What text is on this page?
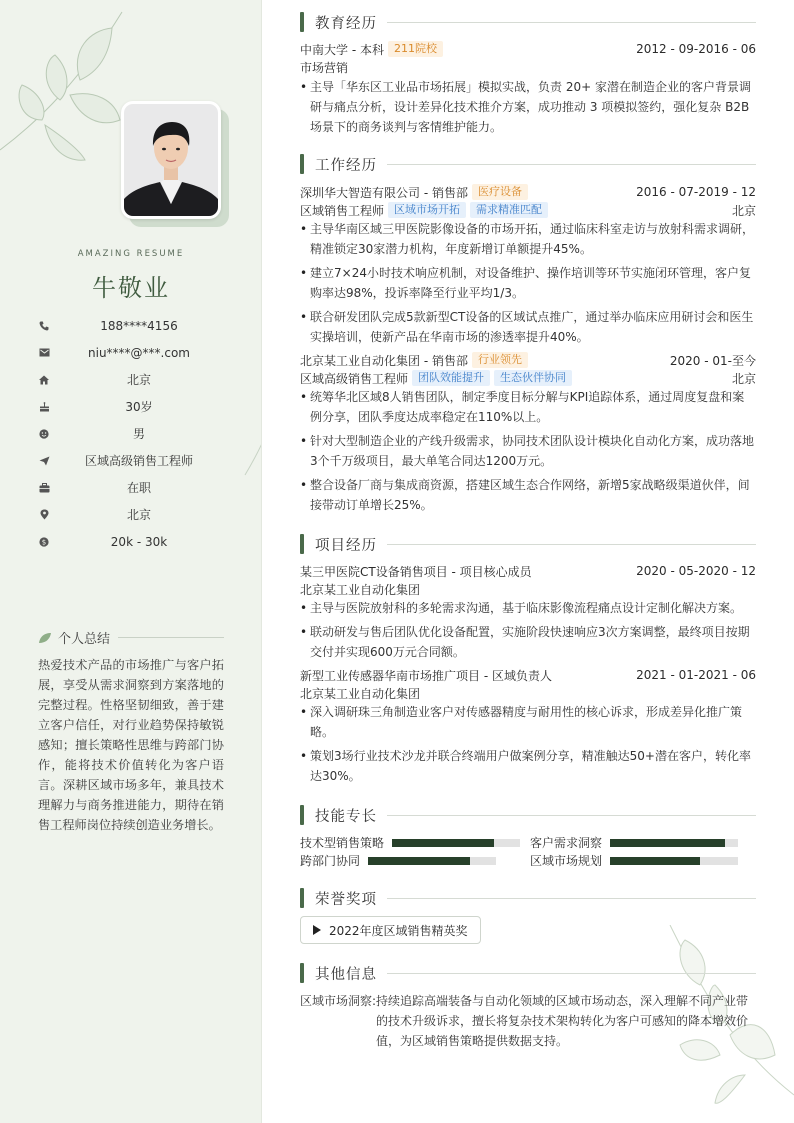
AMAZING RESUME
牛敬业
188****4156
niu****@***.com
北京
30岁
男
区域高级销售工程师
在职
北京
$	20k - 30k
个人总结
热爱技术产品的市场推广与客户拓展，享受从需求洞察到方案落地的完整过程。性格坚韧细致，善于建立客户信任，对行业趋势保持敏锐感知；擅长策略性思维与跨部门协作，能将技术价值转化为客户语言。深耕区域市场多年，兼具技术理解力与商务推进能力，期待在销售工程师岗位持续创造业务增长。
教育经历
中南大学 - 本科 211院校	2012 - 09-2016 - 06
市场营销
• 主导「华东区工业品市场拓展」模拟实战，负责 20+ 家潜在制造企业的客户背景调研与痛点分析，设计差异化技术推介方案，成功推动 3 项模拟签约，强化复杂 B2B 场景下的商务谈判与客情维护能力。
工作经历
深圳华大智造有限公司 - 销售部 医疗设备	2016 - 07-2019 - 12
区域销售工程师 区域市场开拓	需求精准匹配	北京
• 主导华南区域三甲医院影像设备的市场开拓，通过临床科室走访与放射科需求调研，精准锁定30家潜力机构，年度新增订单额提升45%。
• 建立7×24小时技术响应机制，对设备维护、操作培训等环节实施闭环管理，客户复购率达98%，投诉率降至行业平均1/3。
• 联合研发团队完成5款新型CT设备的区域试点推广，通过举办临床应用研讨会和医生实操培训，使新产品在华南市场的渗透率提升40%。
北京某工业自动化集团 - 销售部 行业领先	2020 - 01-至今
区域高级销售工程师 团队效能提升	生态伙伴协同	北京
• 统筹华北区域8人销售团队，制定季度目标分解与KPI追踪体系，通过周度复盘和案例分享，团队季度达成率稳定在110%以上。
• 针对大型制造企业的产线升级需求，协同技术团队设计模块化自动化方案，成功落地3个千万级项目，最大单笔合同达1200万元。
• 整合设备厂商与集成商资源，搭建区域生态合作网络，新增5家战略级渠道伙伴，间接带动订单增长25%。
项目经历
某三甲医院CT设备销售项目 - 项目核心成员	2020 - 05-2020 - 12
北京某工业自动化集团
• 主导与医院放射科的多轮需求沟通，基于临床影像流程痛点设计定制化解决方案。
• 联动研发与售后团队优化设备配置，实施阶段快速响应3次方案调整，最终项目按期交付并实现600万元合同额。
新型工业传感器华南市场推广项目 - 区域负责人	2021 - 01-2021 - 06
北京某工业自动化集团
• 深入调研珠三角制造业客户对传感器精度与耐用性的核心诉求，形成差异化推广策略。
• 策划3场行业技术沙龙并联合终端用户做案例分享，精准触达50+潜在客户，转化率达30%。
技能专长
技术型销售策略	客户需求洞察
跨部门协同	区域市场规划
荣誉奖项
2022年度区域销售精英奖
其他信息
区域市场洞察: 持续追踪高端装备与自动化领域的区域市场动态，深入理解不同产业带的技术升级诉求，擅长将复杂技术架构转化为客户可感知的降本增效价值，为区域销售策略提供数据支持。
